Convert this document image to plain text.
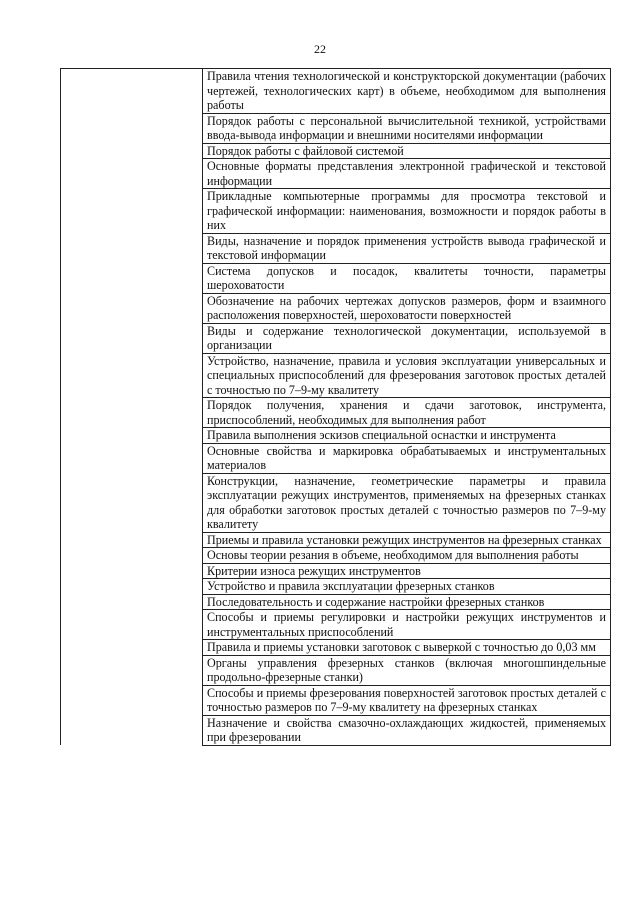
22
	Правила чтения технологической и конструкторской документации (рабочих чертежей, технологических карт) в объеме, необходимом для выполнения работы
Порядок работы с персональной вычислительной техникой, устройствами ввода-вывода информации и внешними носителями информации
Порядок работы с файловой системой
Основные форматы представления электронной графической и текстовой информации
Прикладные компьютерные программы для просмотра текстовой и графической информации: наименования, возможности и порядок работы в них
Виды, назначение и порядок применения устройств вывода графической и текстовой информации
Система допусков и посадок, квалитеты точности, параметры шероховатости
Обозначение на рабочих чертежах допусков размеров, форм и взаимного расположения поверхностей, шероховатости поверхностей
Виды и содержание технологической документации, используемой в организации
Устройство, назначение, правила и условия эксплуатации универсальных и специальных приспособлений для фрезерования заготовок простых деталей с точностью по 7–9-му квалитету
Порядок получения, хранения и сдачи заготовок, инструмента, приспособлений, необходимых для выполнения работ
Правила выполнения эскизов специальной оснастки и инструмента
Основные свойства и маркировка обрабатываемых и инструментальных материалов
Конструкции, назначение, геометрические параметры и правила эксплуатации режущих инструментов, применяемых на фрезерных станках для обработки заготовок простых деталей с точностью размеров по 7–9-му квалитету
Приемы и правила установки режущих инструментов на фрезерных станках
Основы теории резания в объеме, необходимом для выполнения работы
Критерии износа режущих инструментов
Устройство и правила эксплуатации фрезерных станков
Последовательность и содержание настройки фрезерных станков
Способы и приемы регулировки и настройки режущих инструментов и инструментальных приспособлений
Правила и приемы установки заготовок с выверкой с точностью до 0,03 мм
Органы управления фрезерных станков (включая многошпиндельные продольно-фрезерные станки)
Способы и приемы фрезерования поверхностей заготовок простых деталей с точностью размеров по 7–9-му квалитету на фрезерных станках
Назначение и свойства смазочно-охлаждающих жидкостей, применяемых при фрезеровании
